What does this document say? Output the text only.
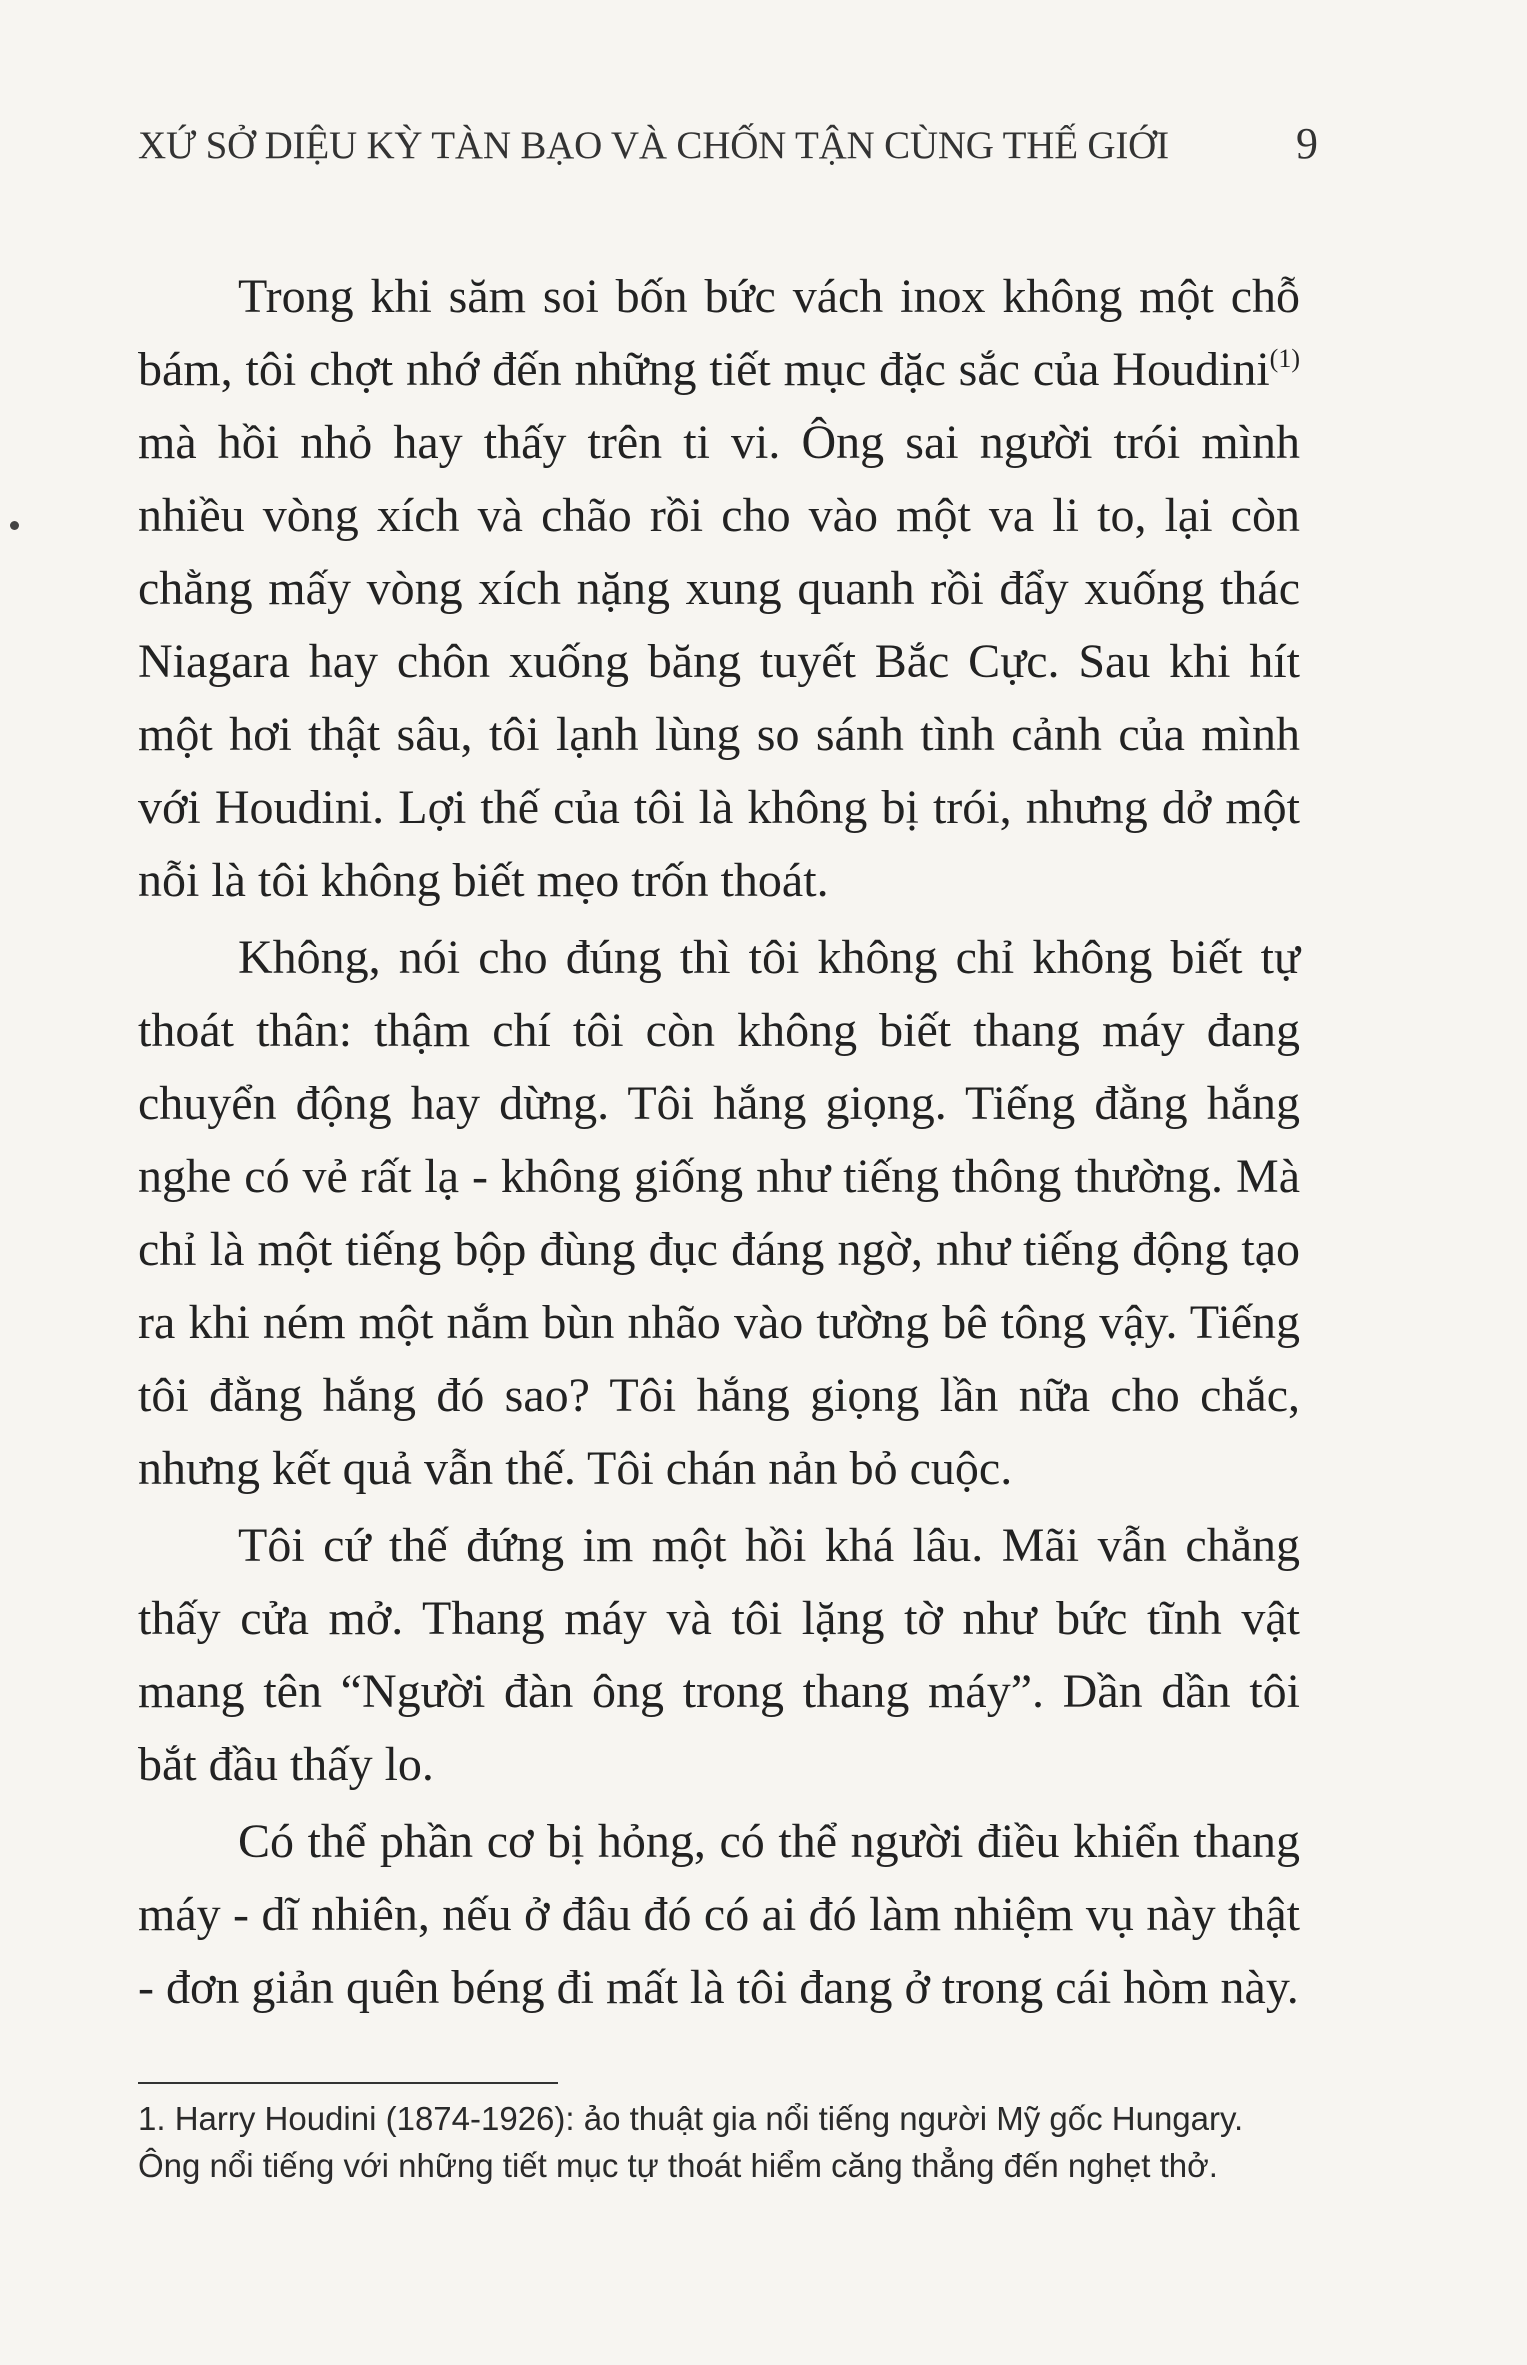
XỨ SỞ DIỆU KỲ TÀN BẠO VÀ CHỐN TẬN CÙNG THẾ GIỚI	9

Trong khi săm soi bốn bức vách inox không một chỗ bám, tôi chợt nhớ đến những tiết mục đặc sắc của Houdini$^{(1)}$ mà hồi nhỏ hay thấy trên ti vi. Ông sai người trói mình nhiều vòng xích và chão rồi cho vào một va li to, lại còn chằng mấy vòng xích nặng xung quanh rồi đẩy xuống thác Niagara hay chôn xuống băng tuyết Bắc Cực. Sau khi hít một hơi thật sâu, tôi lạnh lùng so sánh tình cảnh của mình với Houdini. Lợi thế của tôi là không bị trói, nhưng dở một nỗi là tôi không biết mẹo trốn thoát.

Không, nói cho đúng thì tôi không chỉ không biết tự thoát thân: thậm chí tôi còn không biết thang máy đang chuyển động hay dừng. Tôi hắng giọng. Tiếng đằng hắng nghe có vẻ rất lạ - không giống như tiếng thông thường. Mà chỉ là một tiếng bộp đùng đục đáng ngờ, như tiếng động tạo ra khi ném một nắm bùn nhão vào tường bê tông vậy. Tiếng tôi đằng hắng đó sao? Tôi hắng giọng lần nữa cho chắc, nhưng kết quả vẫn thế. Tôi chán nản bỏ cuộc.

Tôi cứ thế đứng im một hồi khá lâu. Mãi vẫn chẳng thấy cửa mở. Thang máy và tôi lặng tờ như bức tĩnh vật mang tên “Người đàn ông trong thang máy”. Dần dần tôi bắt đầu thấy lo.

Có thể phần cơ bị hỏng, có thể người điều khiển thang máy - dĩ nhiên, nếu ở đâu đó có ai đó làm nhiệm vụ này thật - đơn giản quên béng đi mất là tôi đang ở trong cái hòm này.

1. Harry Houdini (1874-1926): ảo thuật gia nổi tiếng người Mỹ gốc Hungary. Ông nổi tiếng với những tiết mục tự thoát hiểm căng thẳng đến nghẹt thở.
